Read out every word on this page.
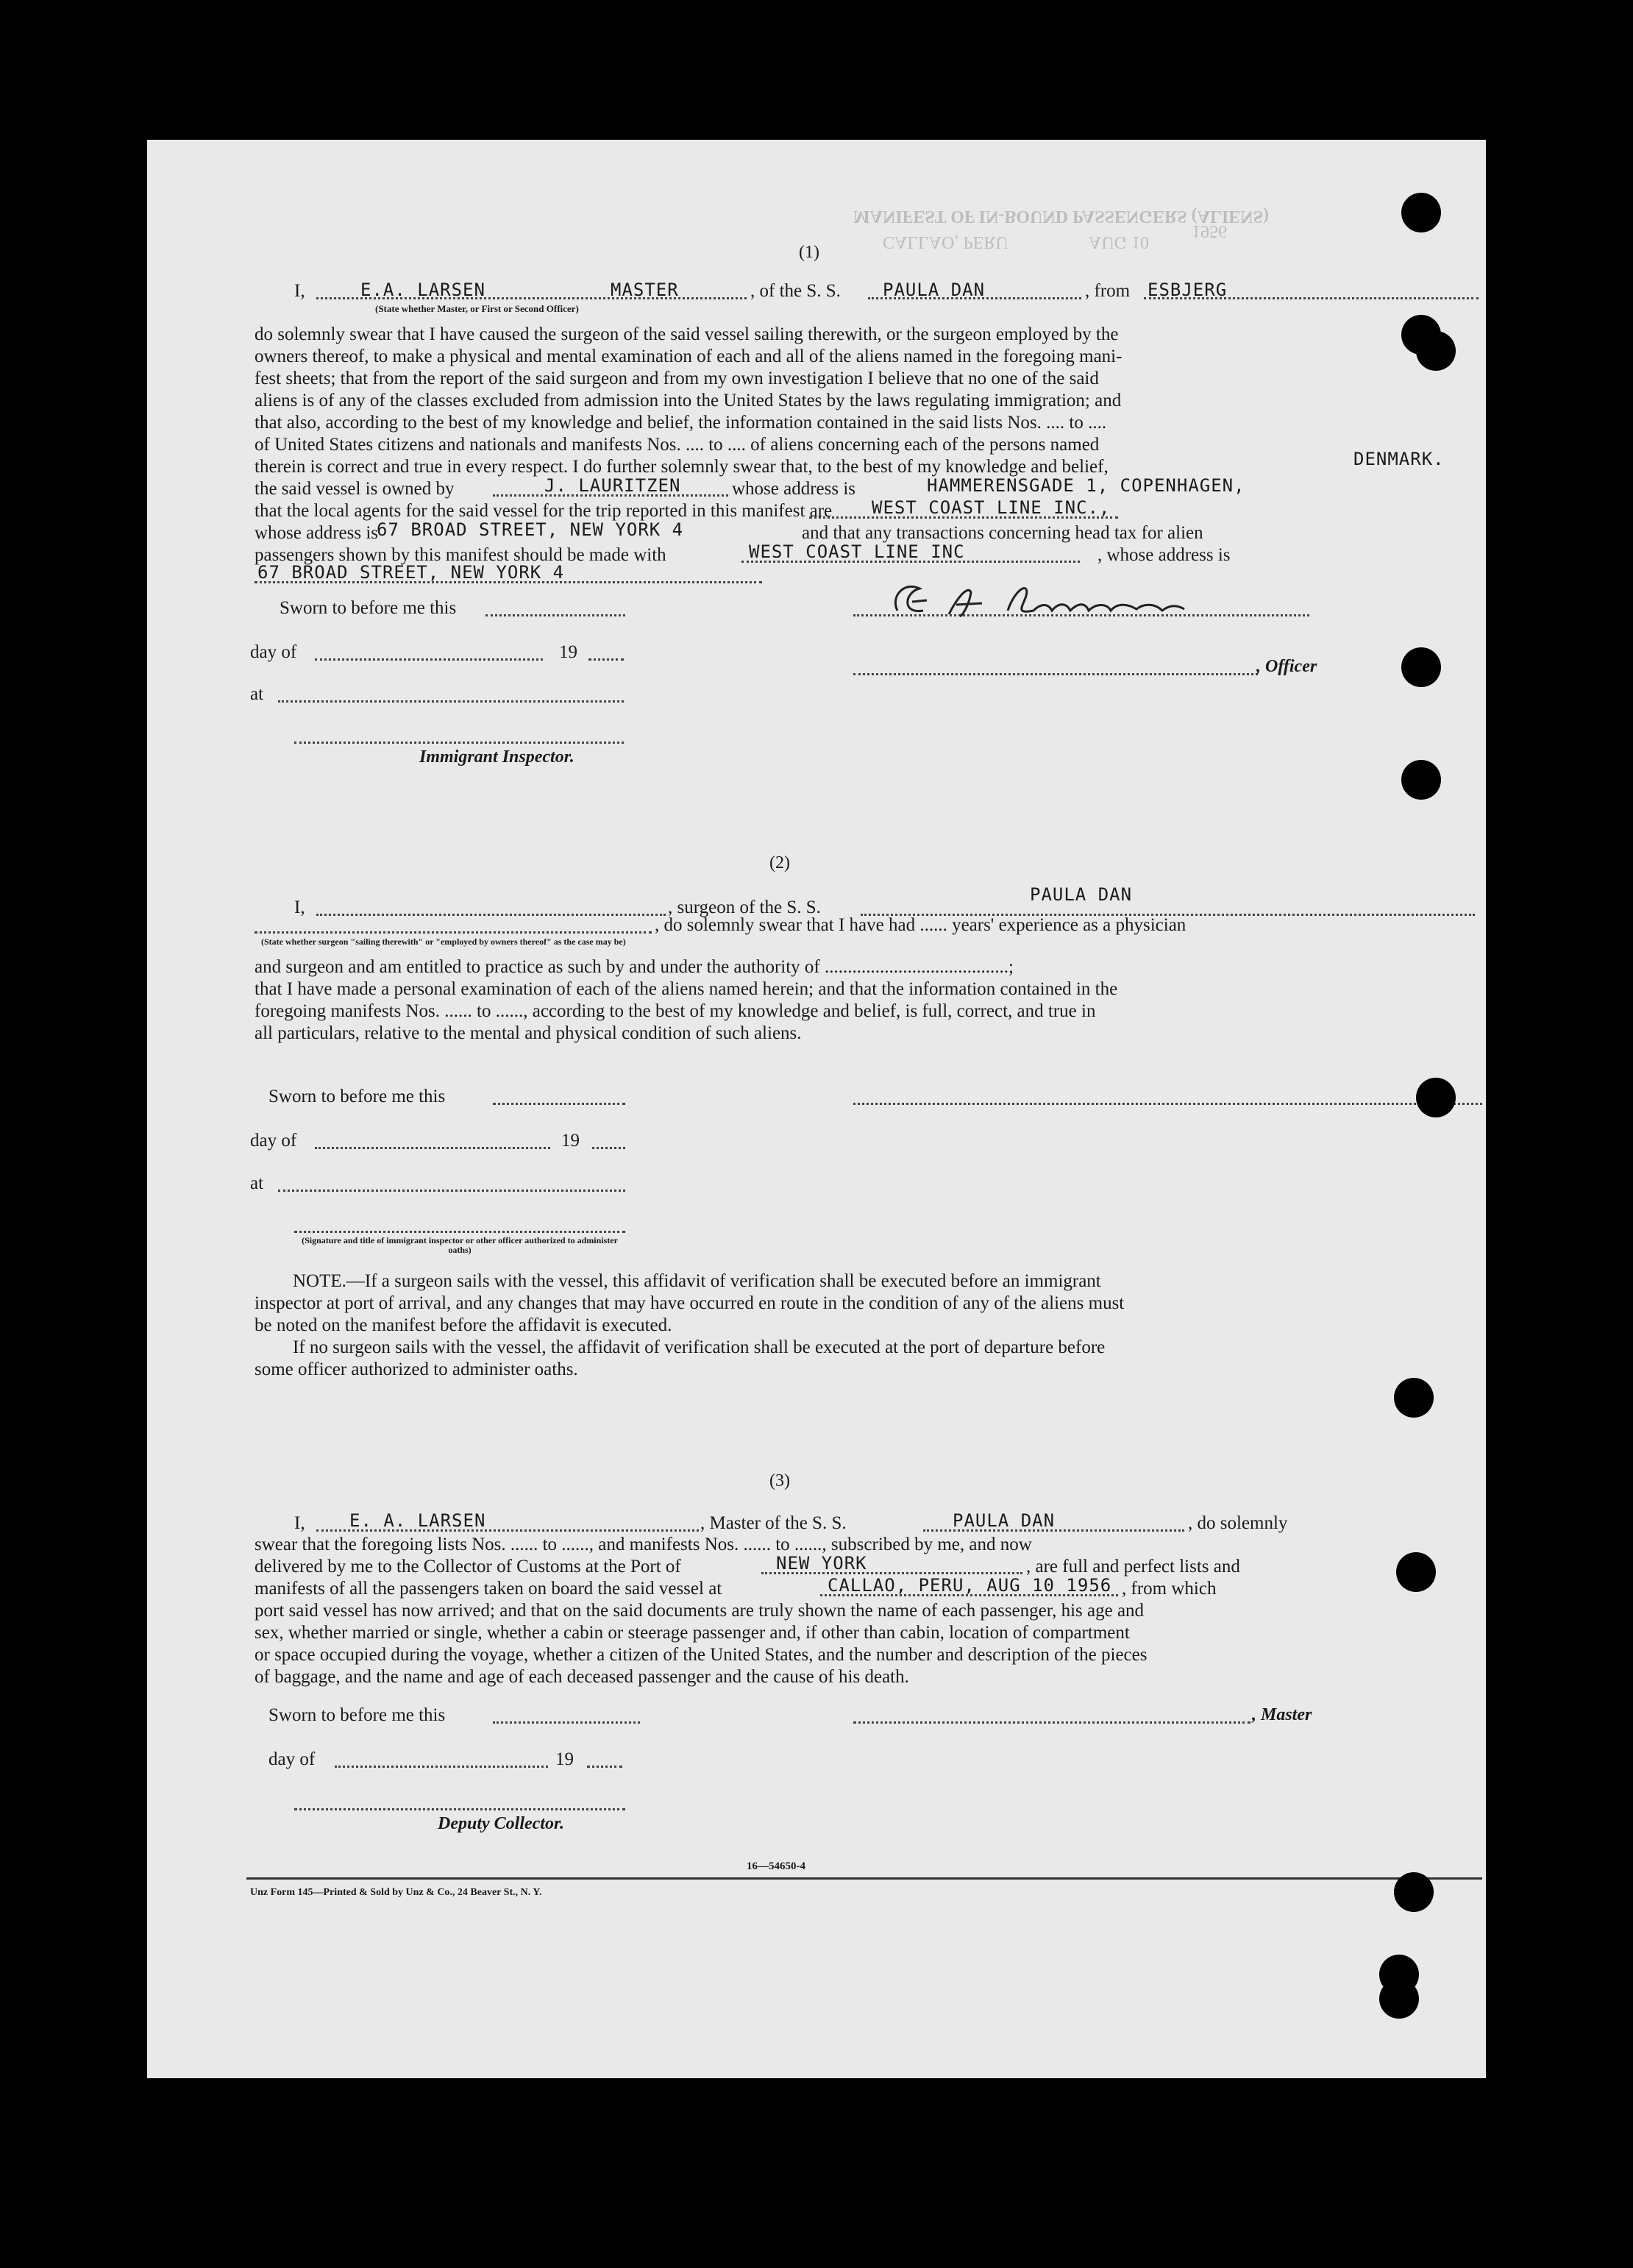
MANIFEST OF IN-BOUND PASSENGERS (ALIENS)
CALLAO, PERU	AUG 10
1956
(1)
I,	E.A. LARSEN	MASTER	, of the S. S. PAULA DAN	, from ESBJERG
(State whether Master, or First or Second Officer)
do solemnly swear that I have caused the surgeon of the said vessel sailing therewith, or the surgeon employed by the
owners thereof, to make a physical and mental examination of each and all of the aliens named in the foregoing mani-
fest sheets; that from the report of the said surgeon and from my own investigation I believe that no one of the said
aliens is of any of the classes excluded from admission into the United States by the laws regulating immigration; and
that also, according to the best of my knowledge and belief, the information contained in the said lists Nos. .... to ....
of United States citizens and nationals and manifests Nos. .... to .... of aliens concerning each of the persons named
therein is correct and true in every respect. I do further solemnly swear that, to the best of my knowledge and belief,
the said vessel is owned by	J. LAURITZEN	whose address is	HAMMERENSGADE 1, COPENHAGEN,
DENMARK.
that the local agents for the said vessel for the trip reported in this manifest are WEST COAST LINE INC.,
whose address is
67 BROAD STREET, NEW YORK 4	and that any transactions concerning head tax for alien
passengers shown by this manifest should be made with	WEST COAST LINE INC	, whose address is
67 BROAD STREET, NEW YORK 4
Sworn to before me this
day of	19
, Officer
at
Immigrant Inspector.
(2)
I,	, surgeon of the S. S.
PAULA DAN
, do solemnly swear that I have had ...... years' experience as a physician
(State whether surgeon "sailing therewith" or "employed by owners thereof" as the case may be)
and surgeon and am entitled to practice as such by and under the authority of ........................................;
that I have made a personal examination of each of the aliens named herein; and that the information contained in the
foregoing manifests Nos. ...... to ......, according to the best of my knowledge and belief, is full, correct, and true in
all particulars, relative to the mental and physical condition of such aliens.
Sworn to before me this
day of	19
at
(Signature and title of immigrant inspector or other officer authorized to administer oaths)
NOTE.—If a surgeon sails with the vessel, this affidavit of verification shall be executed before an immigrant
inspector at port of arrival, and any changes that may have occurred en route in the condition of any of the aliens must
be noted on the manifest before the affidavit is executed.
If no surgeon sails with the vessel, the affidavit of verification shall be executed at the port of departure before
some officer authorized to administer oaths.
(3)
I,	E. A. LARSEN	, Master of the S. S.	PAULA DAN	, do solemnly
swear that the foregoing lists Nos. ...... to ......, and manifests Nos. ...... to ......, subscribed by me, and now
delivered by me to the Collector of Customs at the Port of	NEW YORK	, are full and perfect lists and
manifests of all the passengers taken on board the said vessel at	CALLAO, PERU, AUG 10 1956 , from which
port said vessel has now arrived; and that on the said documents are truly shown the name of each passenger, his age and
sex, whether married or single, whether a cabin or steerage passenger and, if other than cabin, location of compartment
or space occupied during the voyage, whether a citizen of the United States, and the number and description of the pieces
of baggage, and the name and age of each deceased passenger and the cause of his death.
Sworn to before me this	, Master
day of	19
Deputy Collector.
16—54650-4
Unz Form 145—Printed & Sold by Unz & Co., 24 Beaver St., N. Y.
